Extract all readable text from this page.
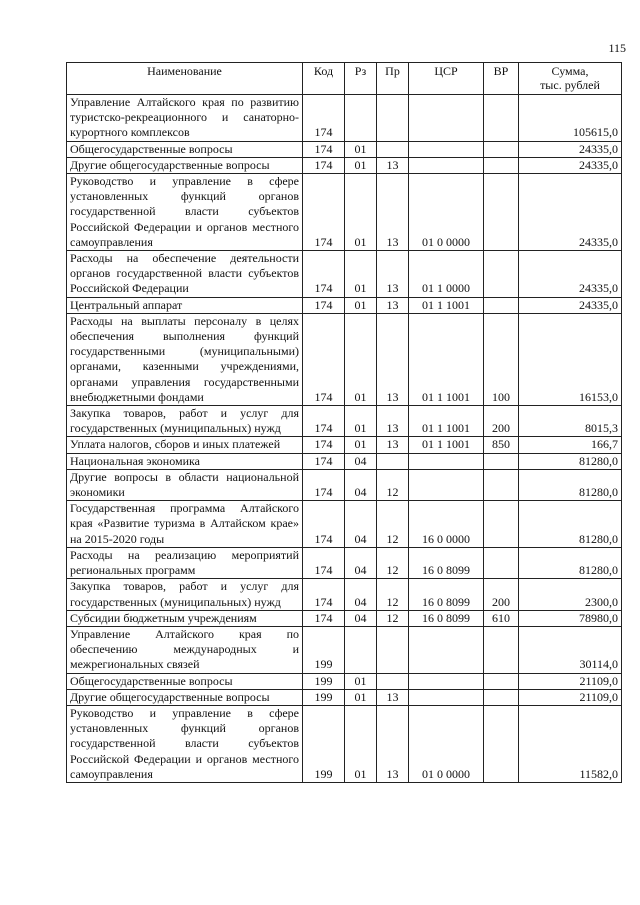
115
Наименование	Код	Рз	Пр	ЦСР	ВР	Сумма,
тыс. рублей

Управление Алтайского края по развитию туристско-рекреационного и санаторно-курортного комплексов	174					105615,0
Общегосударственные вопросы	174	01				24335,0
Другие общегосударственные вопросы	174	01	13			24335,0
Руководство и управление в сфере установленных функций органов государственной власти субъектов Российской Федерации и органов местного самоуправления	174	01	13	01 0 0000		24335,0
Расходы на обеспечение деятельности органов государственной власти субъектов Российской Федерации	174	01	13	01 1 0000		24335,0
Центральный аппарат	174	01	13	01 1 1001		24335,0
Расходы на выплаты персоналу в целях обеспечения выполнения функций государственными (муниципальными) органами, казенными учреждениями, органами управления государственными внебюджетными фондами	174	01	13	01 1 1001	100	16153,0
Закупка товаров, работ и услуг для государственных (муниципальных) нужд	174	01	13	01 1 1001	200	8015,3
Уплата налогов, сборов и иных платежей	174	01	13	01 1 1001	850	166,7
Национальная экономика	174	04				81280,0
Другие вопросы в области национальной экономики	174	04	12			81280,0
Государственная программа Алтайского края «Развитие туризма в Алтайском крае» на 2015-2020 годы	174	04	12	16 0 0000		81280,0
Расходы на реализацию мероприятий региональных программ	174	04	12	16 0 8099		81280,0
Закупка товаров, работ и услуг для государственных (муниципальных) нужд	174	04	12	16 0 8099	200	2300,0
Субсидии бюджетным учреждениям	174	04	12	16 0 8099	610	78980,0
Управление Алтайского края по обеспечению международных и межрегиональных связей	199					30114,0
Общегосударственные вопросы	199	01				21109,0
Другие общегосударственные вопросы	199	01	13			21109,0
Руководство и управление в сфере установленных функций органов государственной власти субъектов Российской Федерации и органов местного самоуправления	199	01	13	01 0 0000		11582,0
